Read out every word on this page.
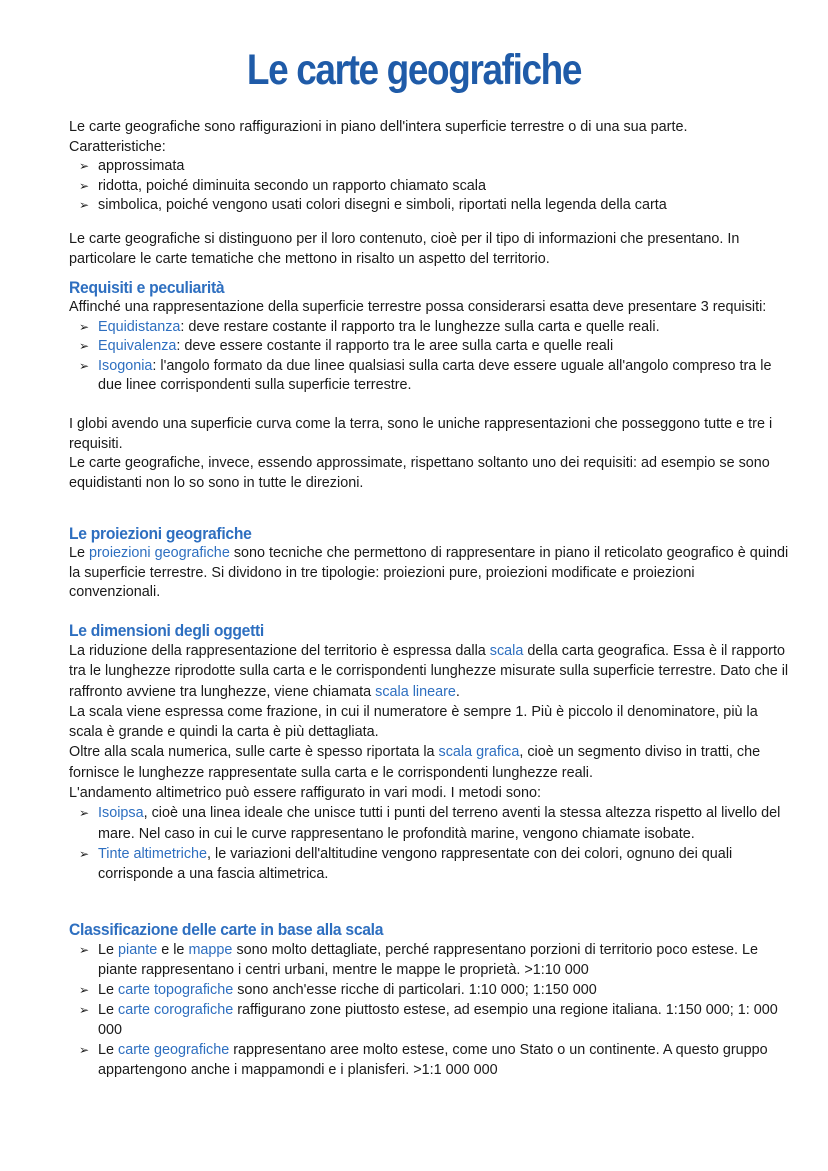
Le carte geografiche

Le carte geografiche sono raffigurazioni in piano dell'intera superficie terrestre o di una sua parte.

Caratteristiche:

➢ approssimata
➢ ridotta, poiché diminuita secondo un rapporto chiamato scala
➢ simbolica, poiché vengono usati colori disegni e simboli, riportati nella legenda della carta

Le carte geografiche si distinguono per il loro contenuto, cioè per il tipo di informazioni che presentano. In particolare le carte tematiche che mettono in risalto un aspetto del territorio.

Requisiti e peculiarità

Affinché una rappresentazione della superficie terrestre possa considerarsi esatta deve presentare 3 requisiti:

➢ Equidistanza: deve restare costante il rapporto tra le lunghezze sulla carta e quelle reali.
➢ Equivalenza: deve essere costante il rapporto tra le aree sulla carta e quelle reali
➢ Isogonia: l'angolo formato da due linee qualsiasi sulla carta deve essere uguale all'angolo compreso tra le due linee corrispondenti sulla superficie terrestre.

I globi avendo una superficie curva come la terra, sono le uniche rappresentazioni che posseggono tutte e tre i requisiti.

Le carte geografiche, invece, essendo approssimate, rispettano soltanto uno dei requisiti: ad esempio se sono equidistanti non lo so sono in tutte le direzioni.

Le proiezioni geografiche

Le proiezioni geografiche sono tecniche che permettono di rappresentare in piano il reticolato geografico è quindi la superficie terrestre. Si dividono in tre tipologie: proiezioni pure, proiezioni modificate e proiezioni convenzionali.

Le dimensioni degli oggetti

La riduzione della rappresentazione del territorio è espressa dalla scala della carta geografica. Essa è il rapporto tra le lunghezze riprodotte sulla carta e le corrispondenti lunghezze misurate sulla superficie terrestre. Dato che il raffronto avviene tra lunghezze, viene chiamata scala lineare.

La scala viene espressa come frazione, in cui il numeratore è sempre 1. Più è piccolo il denominatore, più la scala è grande e quindi la carta è più dettagliata.

Oltre alla scala numerica, sulle carte è spesso riportata la scala grafica, cioè un segmento diviso in tratti, che fornisce le lunghezze rappresentate sulla carta e le corrispondenti lunghezze reali.

L'andamento altimetrico può essere raffigurato in vari modi. I metodi sono:

➢ Isoipsa, cioè una linea ideale che unisce tutti i punti del terreno aventi la stessa altezza rispetto al livello del mare. Nel caso in cui le curve rappresentano le profondità marine, vengono chiamate isobate.
➢ Tinte altimetriche, le variazioni dell'altitudine vengono rappresentate con dei colori, ognuno dei quali corrisponde a una fascia altimetrica.
Classificazione delle carte in base alla scala
➢ Le piante e le mappe sono molto dettagliate, perché rappresentano porzioni di territorio poco estese. Le piante rappresentano i centri urbani, mentre le mappe le proprietà. >1:10 000
➢ Le carte topografiche sono anch'esse ricche di particolari. 1:10 000; 1:150 000
➢ Le carte corografiche raffigurano zone piuttosto estese, ad esempio una regione italiana. 1:150 000; 1: 000 000
➢ Le carte geografiche rappresentano aree molto estese, come uno Stato o un continente. A questo gruppo appartengono anche i mappamondi e i planisferi. >1:1 000 000
